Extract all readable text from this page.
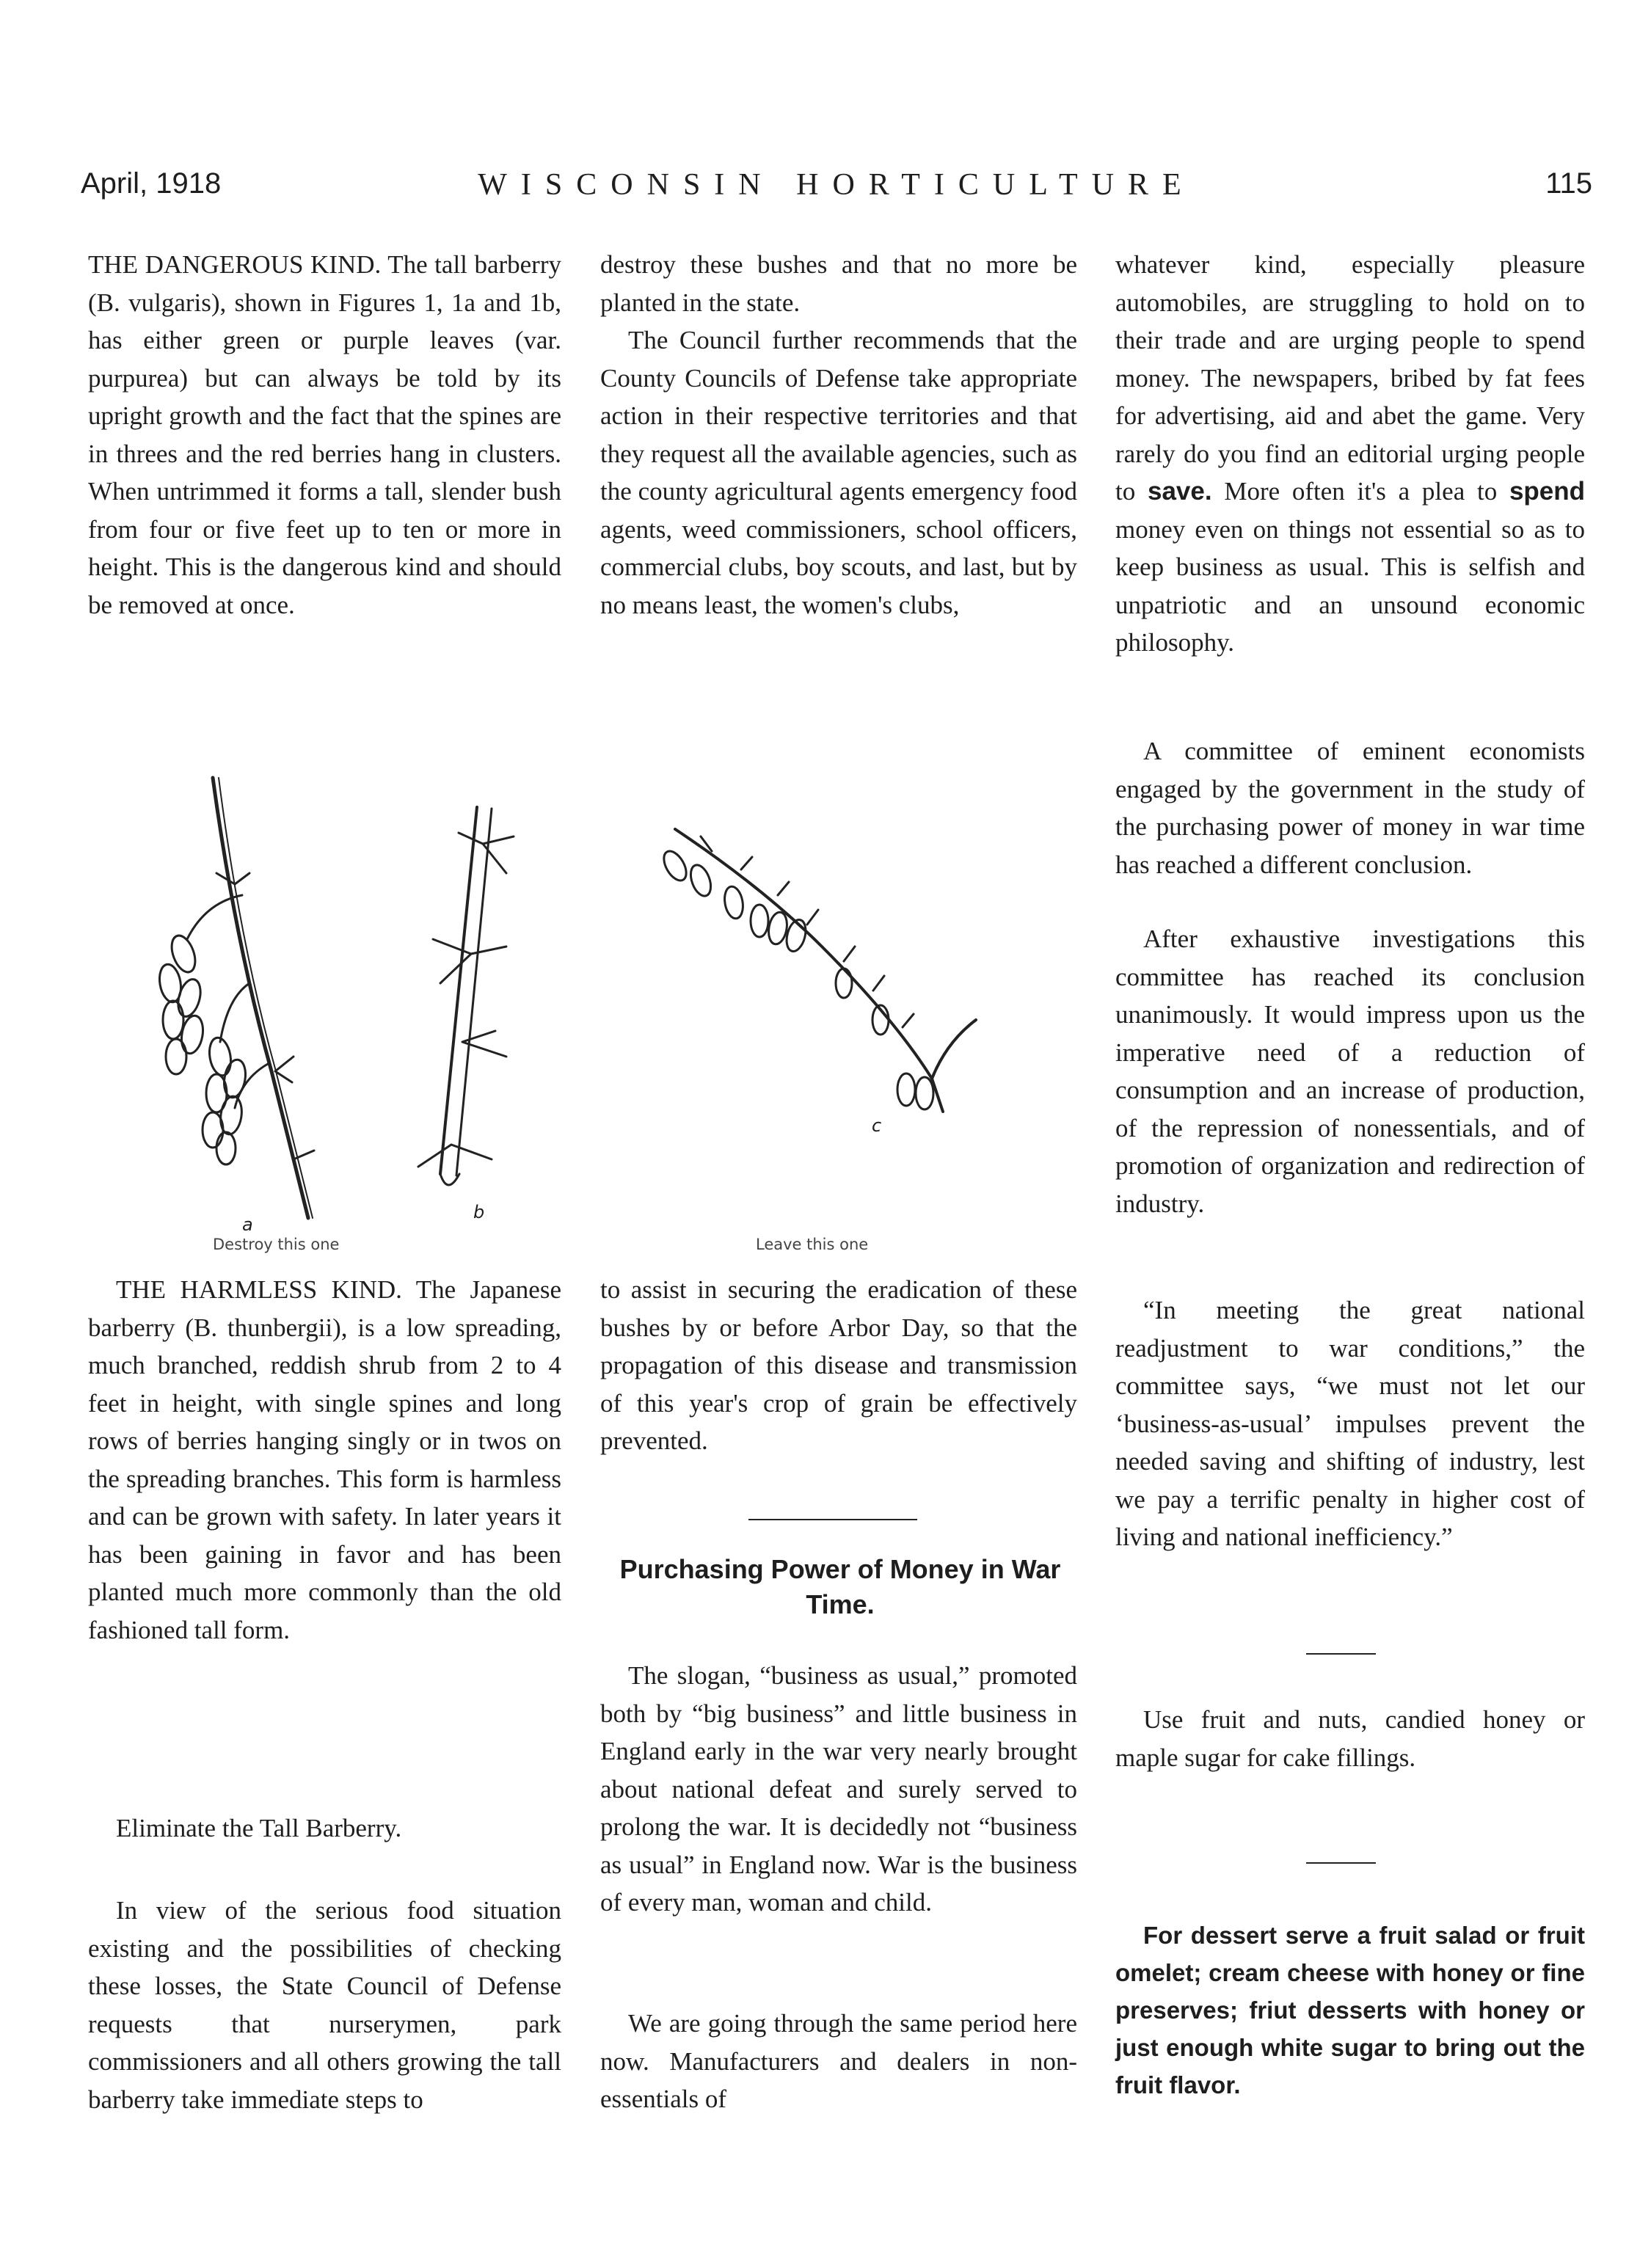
April, 1918	WISCONSIN HORTICULTURE	115

THE DANGEROUS KIND. The tall barberry (B. vulgaris), shown in Figures 1, 1a and 1b, has either green or purple leaves (var. purpurea) but can always be told by its upright growth and the fact that the spines are in threes and the red berries hang in clusters. When untrimmed it forms a tall, slender bush from four or five feet up to ten or more in height. This is the dangerous kind and should be removed at once.

a
b
Destroy this one

THE HARMLESS KIND. The Japanese barberry (B. thunbergii), is a low spreading, much branched, reddish shrub from 2 to 4 feet in height, with single spines and long rows of berries hanging singly or in twos on the spreading branches. This form is harmless and can be grown with safety. In later years it has been gaining in favor and has been planted much more commonly than the old fashioned tall form.

Eliminate the Tall Barberry.

In view of the serious food situation existing and the possibilities of checking these losses, the State Council of Defense requests that nurserymen, park commissioners and all others growing the tall barberry take immediate steps to

destroy these bushes and that no more be planted in the state.

The Council further recommends that the County Councils of Defense take appropriate action in their respective territories and that they request all the available agencies, such as the county agricultural agents emergency food agents, weed commissioners, school officers, commercial clubs, boy scouts, and last, but by no means least, the women's clubs,

c
Leave this one

to assist in securing the eradication of these bushes by or before Arbor Day, so that the propagation of this disease and transmission of this year's crop of grain be effectively prevented.

Purchasing Power of Money in War Time.

The slogan, “business as usual,” promoted both by “big business” and little business in England early in the war very nearly brought about national defeat and surely served to prolong the war. It is decidedly not “business as usual” in England now. War is the business of every man, woman and child.

We are going through the same period here now. Manufacturers and dealers in non-essentials of

whatever kind, especially pleasure automobiles, are struggling to hold on to their trade and are urging people to spend money. The newspapers, bribed by fat fees for advertising, aid and abet the game. Very rarely do you find an editorial urging people to save. More often it's a plea to spend money even on things not essential so as to keep business as usual. This is selfish and unpatriotic and an unsound economic philosophy.

A committee of eminent economists engaged by the government in the study of the purchasing power of money in war time has reached a different conclusion.

After exhaustive investigations this committee has reached its conclusion unanimously. It would impress upon us the imperative need of a reduction of consumption and an increase of production, of the repression of nonessentials, and of promotion of organization and redirection of industry.

“In meeting the great national readjustment to war conditions,” the committee says, “we must not let our ‘business-as-usual’ impulses prevent the needed saving and shifting of industry, lest we pay a terrific penalty in higher cost of living and national inefficiency.”

Use fruit and nuts, candied honey or maple sugar for cake fillings.

For dessert serve a fruit salad or fruit omelet; cream cheese with honey or fine preserves; friut desserts with honey or just enough white sugar to bring out the fruit flavor.
